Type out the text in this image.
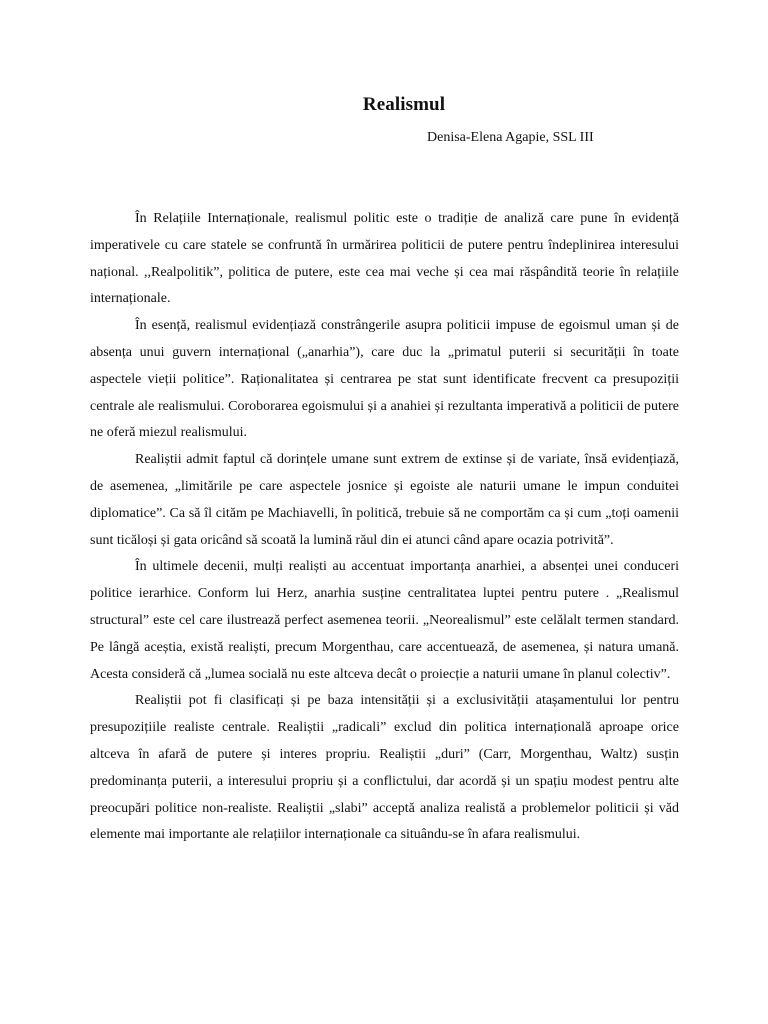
Realismul
Denisa-Elena Agapie, SSL III

În Relațiile Internaționale, realismul politic este o tradiție de analiză care pune în evidență imperativele cu care statele se confruntă în urmărirea politicii de putere pentru îndeplinirea interesului național. ,,Realpolitik”, politica de putere, este cea mai veche și cea mai răspândită teorie în relațiile internaționale.

În esență, realismul evidențiază constrângerile asupra politicii impuse de egoismul uman și de absența unui guvern internațional („anarhia”), care duc la „primatul puterii si securității în toate aspectele vieții politice”. Raționalitatea și centrarea pe stat sunt identificate frecvent ca presupoziții centrale ale realismului. Coroborarea egoismului și a anahiei și rezultanta imperativă a politicii de putere ne oferă miezul realismului.

Realiștii admit faptul că dorințele umane sunt extrem de extinse și de variate, însă evidențiază, de asemenea, „limitările pe care aspectele josnice și egoiste ale naturii umane le impun conduitei diplomatice”. Ca să îl cităm pe Machiavelli, în politică, trebuie să ne comportăm ca și cum „toți oamenii sunt ticăloși și gata oricând să scoată la lumină răul din ei atunci când apare ocazia potrivită”.

În ultimele decenii, mulți realiști au accentuat importanța anarhiei, a absenței unei conduceri politice ierarhice. Conform lui Herz, anarhia susține centralitatea luptei pentru putere . „Realismul structural” este cel care ilustrează perfect asemenea teorii. „Neorealismul” este celălalt termen standard. Pe lângă aceștia, există realiști, precum Morgenthau, care accentuează, de asemenea, și natura umană. Acesta consideră că „lumea socială nu este altceva decât o proiecție a naturii umane în planul colectiv”.

Realiștii pot fi clasificați și pe baza intensității și a exclusivității atașamentului lor pentru presupozițiile realiste centrale. Realiștii „radicali” exclud din politica internațională aproape orice altceva în afară de putere și interes propriu. Realiștii „duri” (Carr, Morgenthau, Waltz) susțin predominanța puterii, a interesului propriu și a conflictului, dar acordă și un spațiu modest pentru alte preocupări politice non-realiste. Realiștii „slabi” acceptă analiza realistă a problemelor politicii și văd elemente mai importante ale relațiilor internaționale ca situându-se în afara realismului.
